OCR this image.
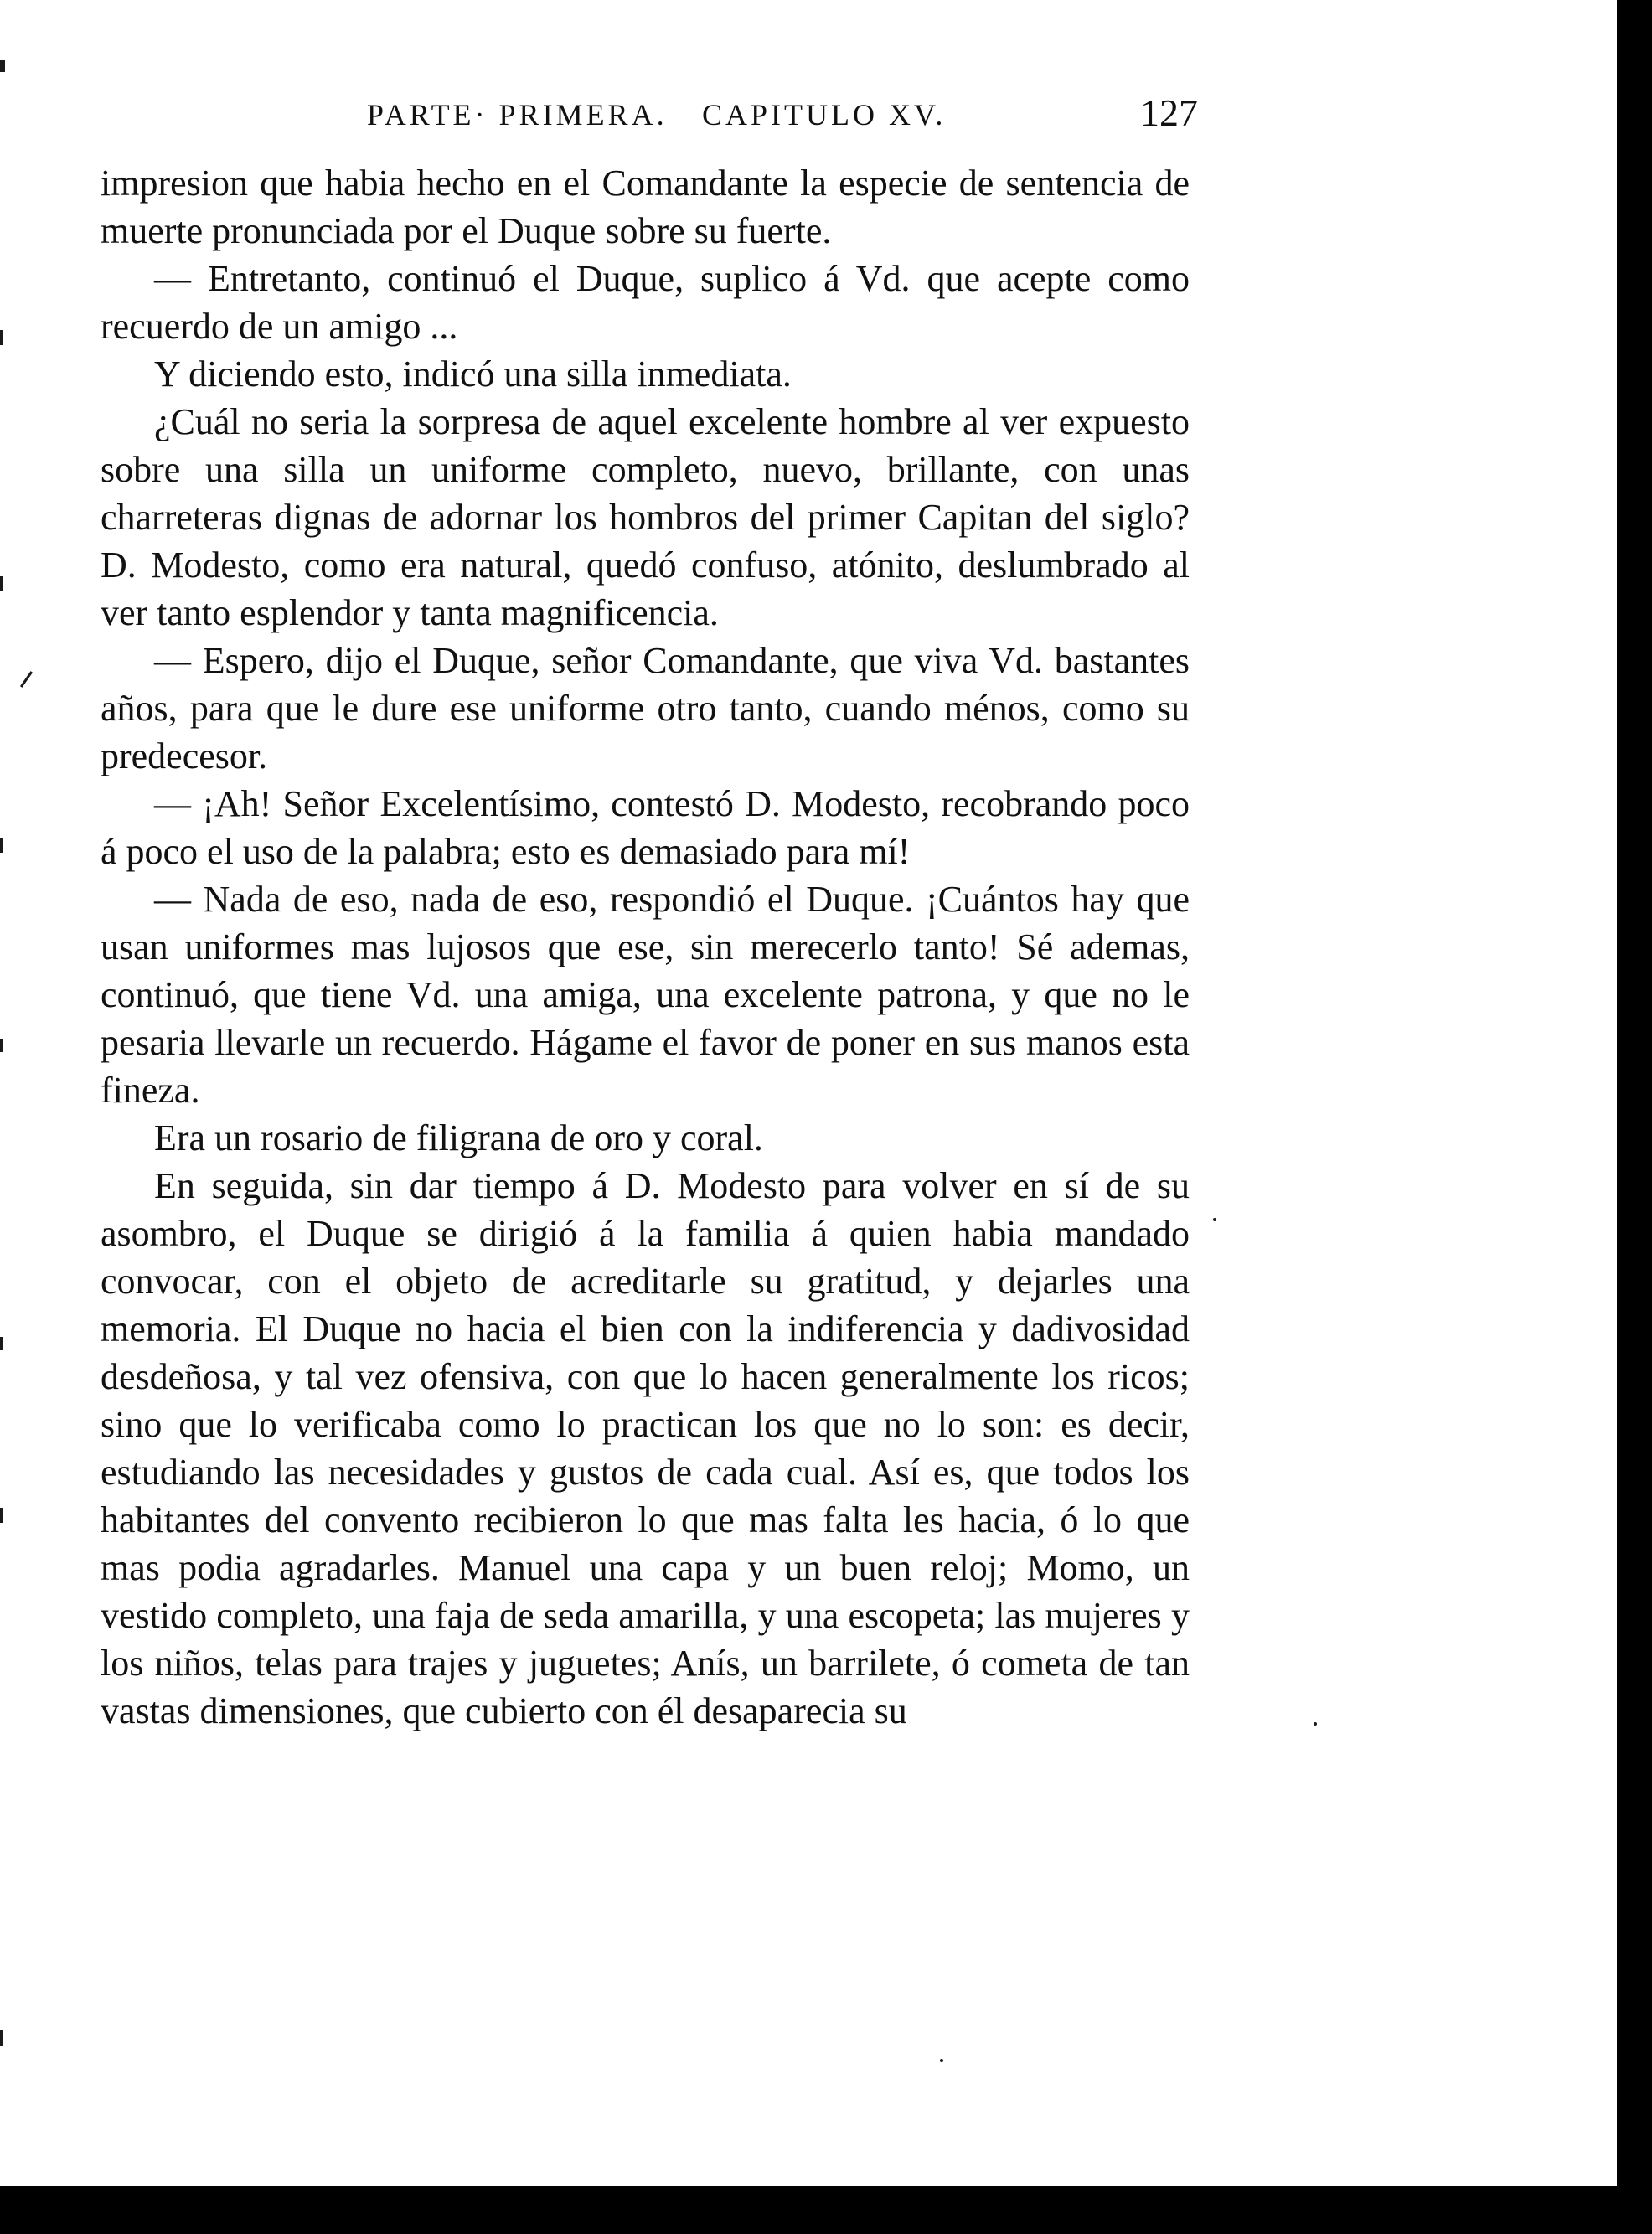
PARTE· PRIMERA. CAPITULO XV.	127

impresion que habia hecho en el Comandante la especie de sentencia de muerte pronunciada por el Duque sobre su fuerte.

— Entretanto, continuó el Duque, suplico á Vd. que acepte como recuerdo de un amigo ...

Y diciendo esto, indicó una silla inmediata.

¿Cuál no seria la sorpresa de aquel excelente hombre al ver expuesto sobre una silla un uniforme completo, nuevo, brillante, con unas charreteras dignas de adornar los hombros del primer Capitan del siglo? D. Modesto, como era natural, quedó confuso, atónito, deslumbrado al ver tanto esplendor y tanta magnificencia.

— Espero, dijo el Duque, señor Comandante, que viva Vd. bastantes años, para que le dure ese uniforme otro tanto, cuando ménos, como su predecesor.

— ¡Ah! Señor Excelentísimo, contestó D. Modesto, recobrando poco á poco el uso de la palabra; esto es demasiado para mí!

— Nada de eso, nada de eso, respondió el Duque. ¡Cuántos hay que usan uniformes mas lujosos que ese, sin merecerlo tanto! Sé ademas, continuó, que tiene Vd. una amiga, una excelente patrona, y que no le pesaria llevarle un recuerdo. Hágame el favor de poner en sus manos esta fineza.

Era un rosario de filigrana de oro y coral.

En seguida, sin dar tiempo á D. Modesto para volver en sí de su asombro, el Duque se dirigió á la familia á quien habia mandado convocar, con el objeto de acreditarle su gratitud, y dejarles una memoria. El Duque no hacia el bien con la indiferencia y dadivosidad desdeñosa, y tal vez ofensiva, con que lo hacen generalmente los ricos; sino que lo verificaba como lo practican los que no lo son: es decir, estudiando las necesidades y gustos de cada cual. Así es, que todos los habitantes del convento recibieron lo que mas falta les hacia, ó lo que mas podia agradarles. Manuel una capa y un buen reloj; Momo, un vestido completo, una faja de seda amarilla, y una escopeta; las mujeres y los niños, telas para trajes y juguetes; Anís, un barrilete, ó cometa de tan vastas dimensiones, que cubierto con él desaparecia su
